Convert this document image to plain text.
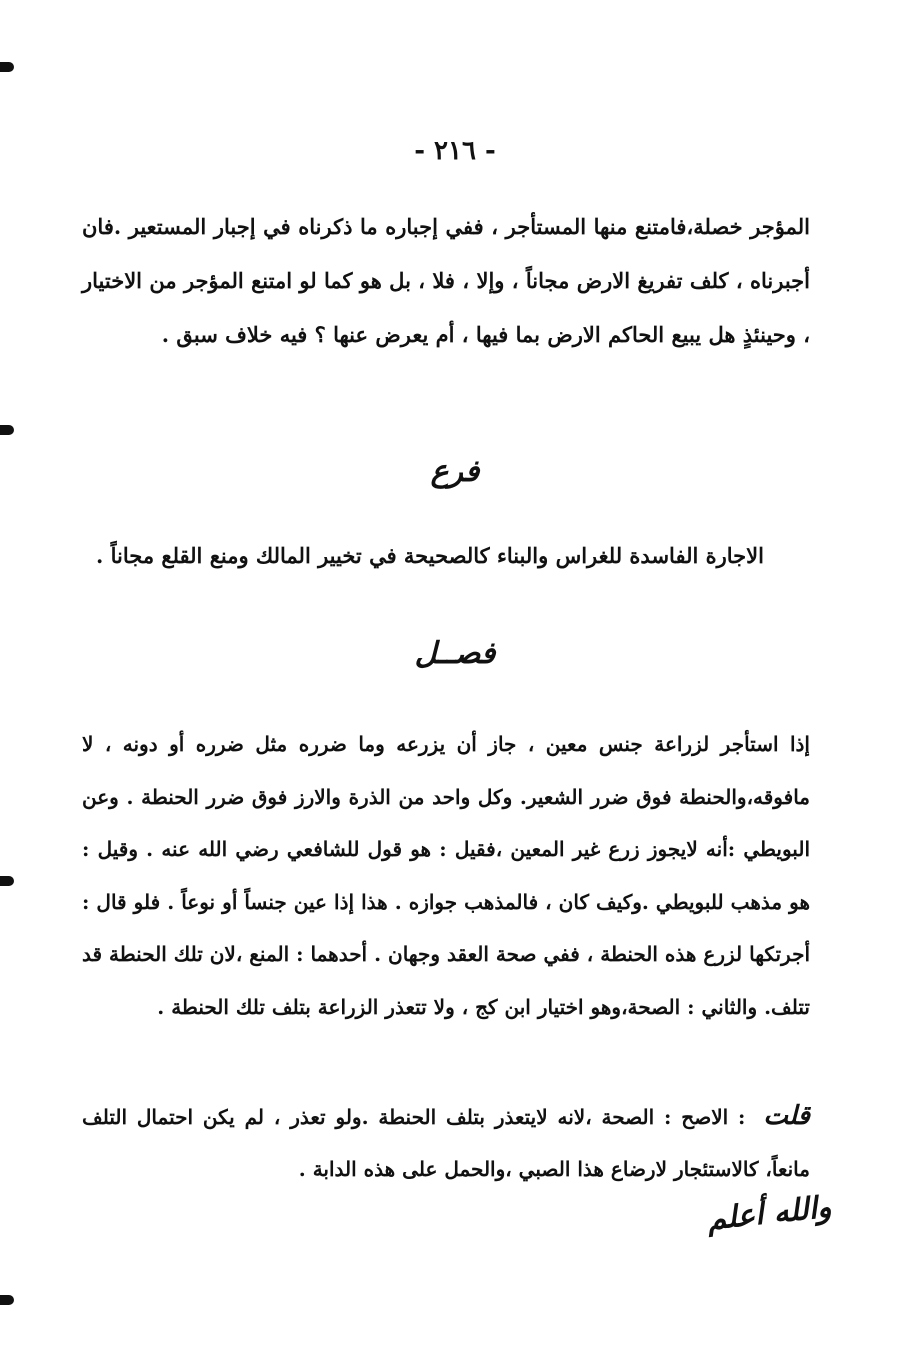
- ٢١٦ -
المؤجر خصلة،فامتنع منها المستأجر ، ففي إجباره ما ذكرناه في إجبار المستعير .فان أجبرناه ، كلف تفريغ الارض مجاناً ، وإلا ، فلا ، بل هو كما لو امتنع المؤجر من الاختيار ، وحينئذٍ هل يبيع الحاكم الارض بما فيها ، أم يعرض عنها ؟ فيه خلاف سبق .
فرع
الاجارة الفاسدة للغراس والبناء كالصحيحة في تخيير المالك ومنع القلع مجاناً .
فصــل
إذا استأجر لزراعة جنس معين ، جاز أن يزرعه وما ضرره مثل ضرره أو دونه ، لا مافوقه،والحنطة فوق ضرر الشعير. وكل واحد من الذرة والارز فوق ضرر الحنطة . وعن البويطي :أنه لايجوز زرع غير المعين ،فقيل : هو قول للشافعي رضي الله عنه . وقيل : هو مذهب للبويطي .وكيف كان ، فالمذهب جوازه . هذا إذا عين جنساً أو نوعاً . فلو قال : أجرتكها لزرع هذه الحنطة ، ففي صحة العقد وجهان . أحدهما : المنع ،لان تلك الحنطة قد تتلف. والثاني : الصحة،وهو اختيار ابن كج ، ولا تتعذر الزراعة بتلف تلك الحنطة .
قلت: الاصح : الصحة ،لانه لايتعذر بتلف الحنطة .ولو تعذر ، لم يكن احتمال التلف مانعاً، كالاستئجار لارضاع هذا الصبي ،والحمل على هذه الدابة .
والله أعلم
